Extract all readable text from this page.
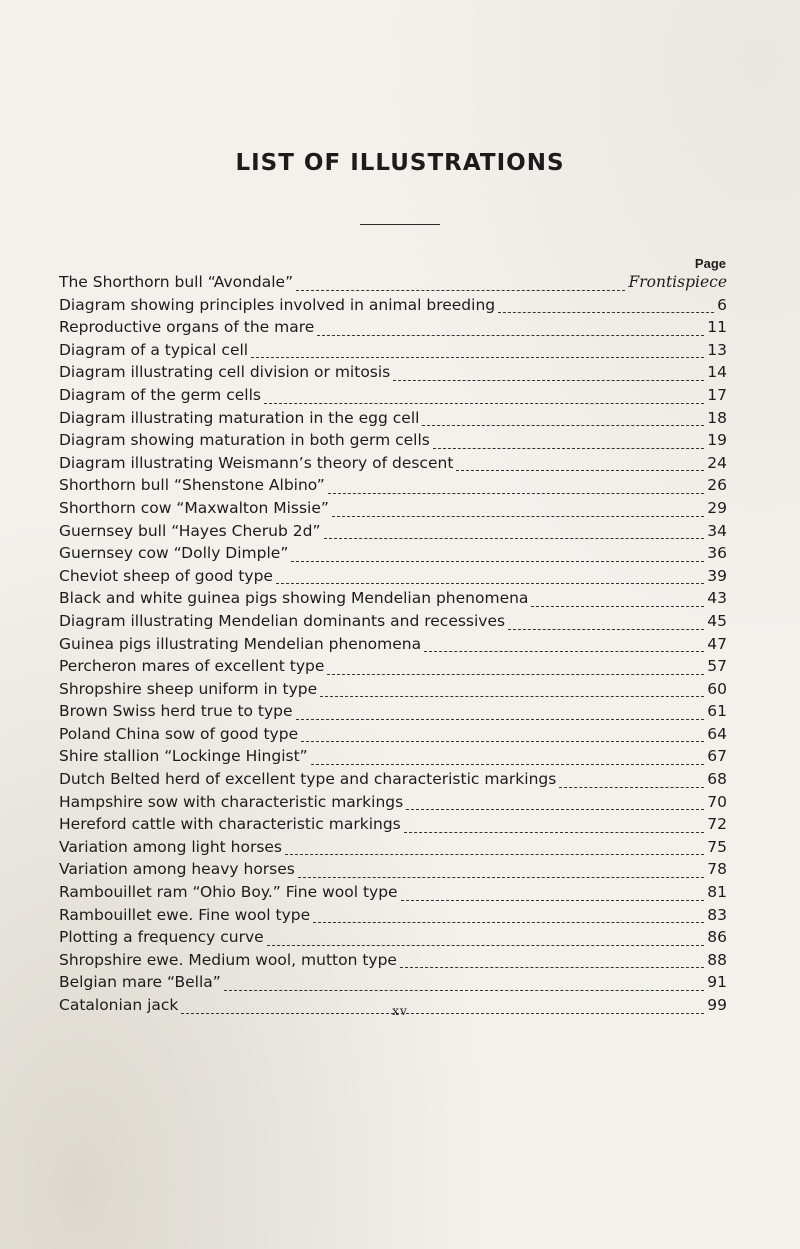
LIST OF ILLUSTRATIONS
Page
The Shorthorn bull “Avondale”	Frontispiece
Diagram showing principles involved in animal breeding	6
Reproductive organs of the mare	11
Diagram of a typical cell	13
Diagram illustrating cell division or mitosis	14
Diagram of the germ cells	17
Diagram illustrating maturation in the egg cell	18
Diagram showing maturation in both germ cells	19
Diagram illustrating Weismann’s theory of descent	24
Shorthorn bull “Shenstone Albino”	26
Shorthorn cow “Maxwalton Missie”	29
Guernsey bull “Hayes Cherub 2d”	34
Guernsey cow “Dolly Dimple”	36
Cheviot sheep of good type	39
Black and white guinea pigs showing Mendelian phenomena	43
Diagram illustrating Mendelian dominants and recessives	45
Guinea pigs illustrating Mendelian phenomena	47
Percheron mares of excellent type	57
Shropshire sheep uniform in type	60
Brown Swiss herd true to type	61
Poland China sow of good type	64
Shire stallion “Lockinge Hingist”	67
Dutch Belted herd of excellent type and characteristic markings	68
Hampshire sow with characteristic markings	70
Hereford cattle with characteristic markings	72
Variation among light horses	75
Variation among heavy horses	78
Rambouillet ram “Ohio Boy.” Fine wool type	81
Rambouillet ewe. Fine wool type	83
Plotting a frequency curve	86
Shropshire ewe. Medium wool, mutton type	88
Belgian mare “Bella”	91
Catalonian jack	99
xv
